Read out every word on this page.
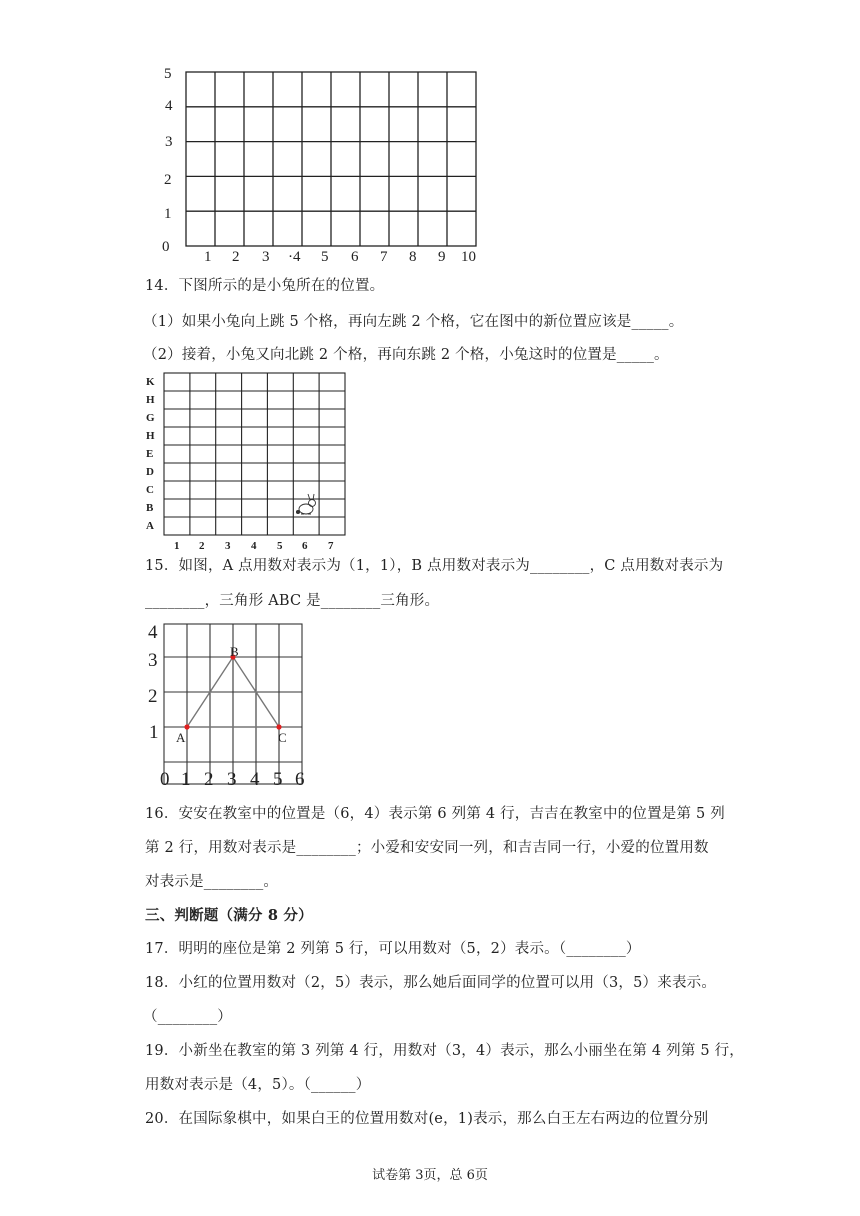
0
1
2
3
4
5
1 2 3 ·4 5 6 7 8 9 10
14．下图所示的是小兔所在的位置。
（1）如果小兔向上跳 5 个格，再向左跳 2 个格，它在图中的新位置应该是_____。
（2）接着，小兔又向北跳 2 个格，再向东跳 2 个格，小兔这时的位置是_____。
K
H
G
H
E
D
C
B
A
1 2 3 4 5 6 7
15．如图，A 点用数对表示为（1，1），B 点用数对表示为________，C 点用数对表示为
________，三角形 ABC 是________三角形。
A
B
C
4
3
2
1
0 1 2 3 4 5 6
16．安安在教室中的位置是（6，4）表示第 6 列第 4 行，吉吉在教室中的位置是第 5 列
第 2 行，用数对表示是________；小爱和安安同一列，和吉吉同一行，小爱的位置用数
对表示是________。
三、判断题（满分 8 分）
17．明明的座位是第 2 列第 5 行，可以用数对（5，2）表示。（________）
18．小红的位置用数对（2，5）表示，那么她后面同学的位置可以用（3，5）来表示。
（________）
19．小新坐在教室的第 3 列第 4 行，用数对（3，4）表示，那么小丽坐在第 4 列第 5 行，
用数对表示是（4，5）。（______）
20．在国际象棋中，如果白王的位置用数对(e，1)表示，那么白王左右两边的位置分别
试卷第 3页，总 6页
